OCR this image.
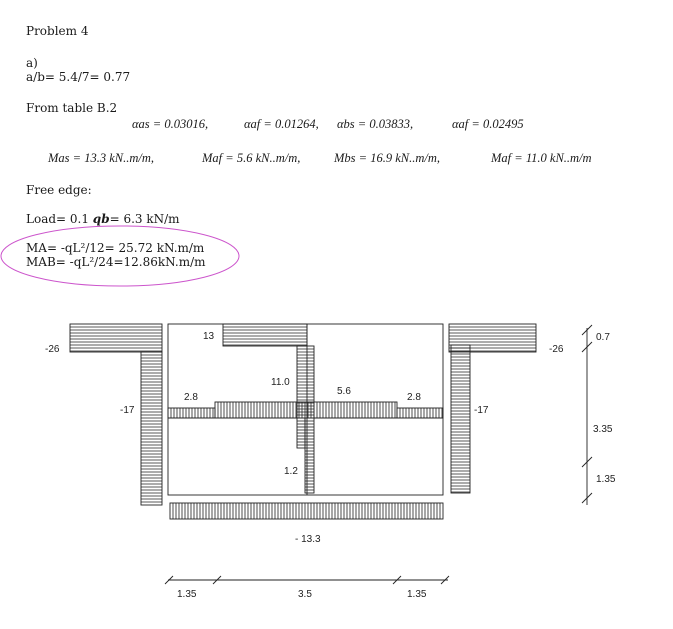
Problem 4
a)
a/b= 5.4/7= 0.77
From table B.2
αas = 0.03016,	αaf = 0.01264, αbs = 0.03833,	αaf = 0.02495
Mas = 13.3 kN..m/m,	Maf = 5.6 kN..m/m,	Mbs = 16.9 kN..m/m,	Maf = 11.0 kN..m/m
Free edge:
Load= 0.1 qb= 6.3 kN/m
MA= -qL²/12= 25.72 kN.m/m
MAB= -qL²/24=12.86kN.m/m
-26	-26
13
-17	-17
11.0
2.8
5.6
2.8
1.2
- 13.3
0.7
3.35
1.35
1.35	3.5	1.35
